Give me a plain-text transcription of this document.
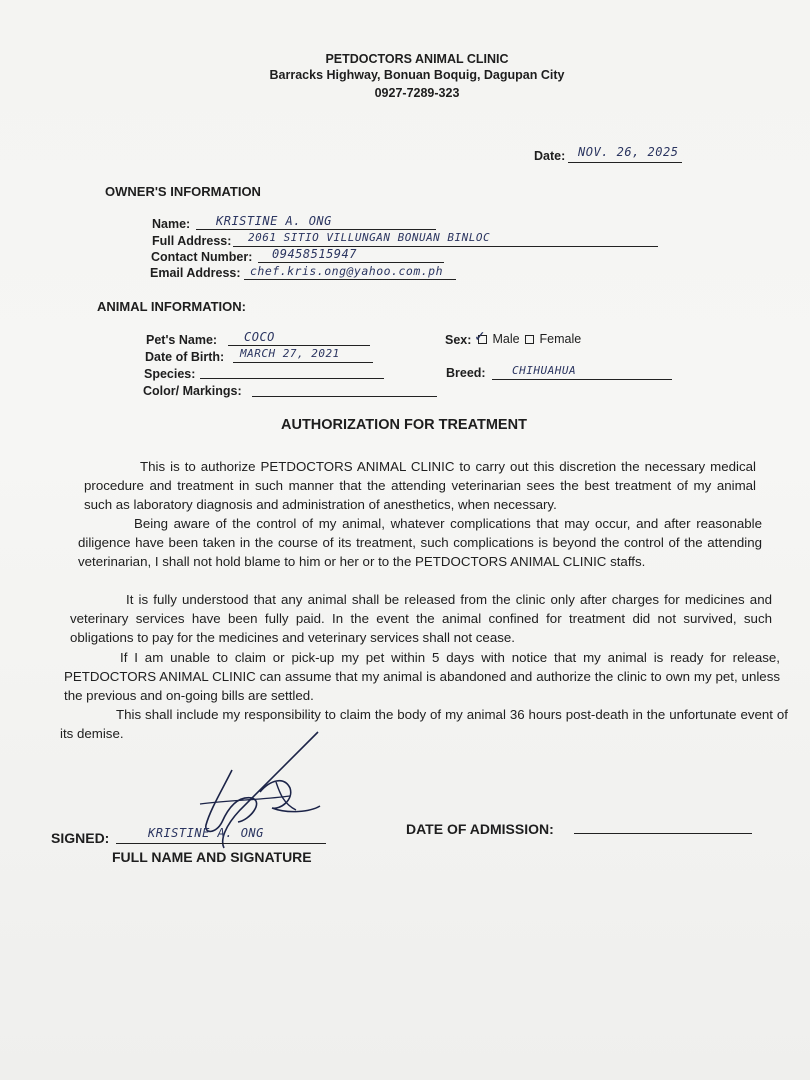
PETDOCTORS ANIMAL CLINIC
Barracks Highway, Bonuan Boquig, Dagupan City
0927-7289-323
Date: NOV. 26, 2025
OWNER'S INFORMATION
Name: KRISTINE A. ONG
Full Address: 2061 SITIO VILLUNGAN BONUAN BINLOC
Contact Number: 09458515947
Email Address: chef.kris.ong@yahoo.com.ph
ANIMAL INFORMATION:
Pet's Name: COCO	Sex:
✓ Male Female
Date of Birth: MARCH 27, 2021
Species:	Breed: CHIHUAHUA
Color/ Markings:
AUTHORIZATION FOR TREATMENT
This is to authorize PETDOCTORS ANIMAL CLINIC to carry out this discretion the necessary medical procedure and treatment in such manner that the attending veterinarian sees the best treatment of my animal such as laboratory diagnosis and administration of anesthetics, when necessary.
Being aware of the control of my animal, whatever complications that may occur, and after reasonable diligence have been taken in the course of its treatment, such complications is beyond the control of the attending veterinarian, I shall not hold blame to him or her or to the PETDOCTORS ANIMAL CLINIC staffs.
It is fully understood that any animal shall be released from the clinic only after charges for medicines and veterinary services have been fully paid. In the event the animal confined for treatment did not survived, such obligations to pay for the medicines and veterinary services shall not cease.
If I am unable to claim or pick-up my pet within 5 days with notice that my animal is ready for release, PETDOCTORS ANIMAL CLINIC can assume that my animal is abandoned and authorize the clinic to own my pet, unless the previous and on-going bills are settled.
This shall include my responsibility to claim the body of my animal 36 hours post-death in the unfortunate event of its demise.
SIGNED:	KRISTINE A. ONG
FULL NAME AND SIGNATURE
DATE OF ADMISSION:
